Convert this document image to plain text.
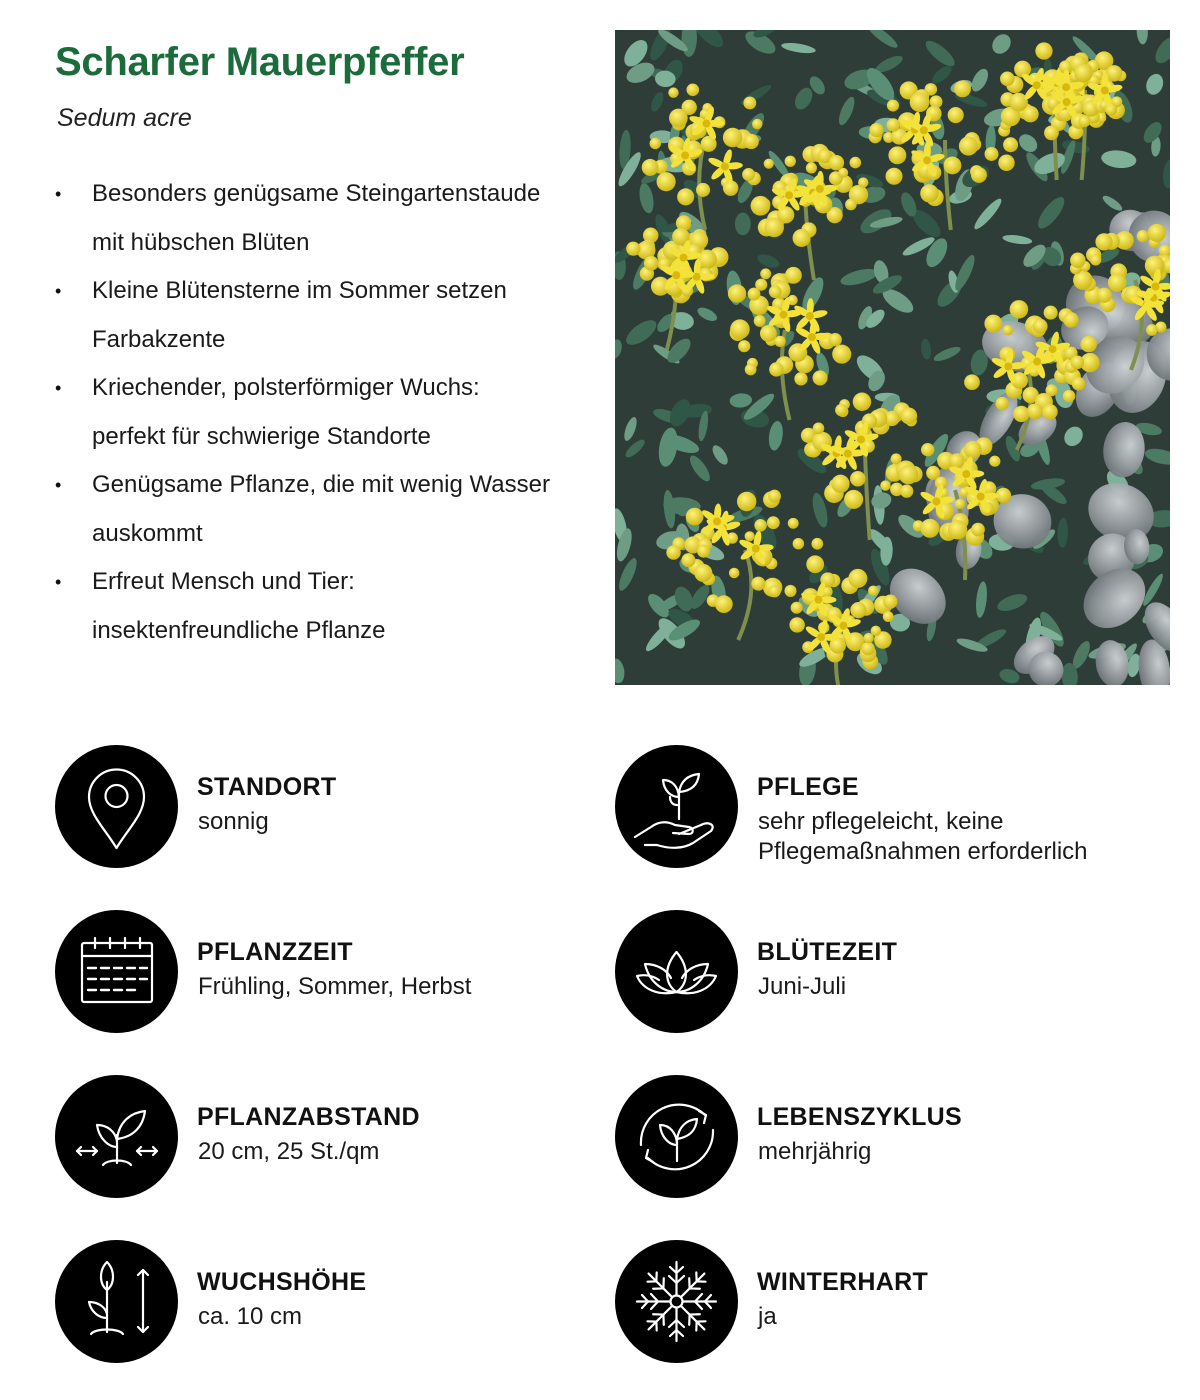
Scharfer Mauerpfeffer

Sedum acre

• Besonders genügsame Steingartenstaude
mit hübschen Blüten
• Kleine Blütensterne im Sommer setzen
Farbakzente
• Kriechender, polsterförmiger Wuchs:
perfekt für schwierige Standorte
• Genügsame Pflanze, die mit wenig Wasser
auskommt
• Erfreut Mensch und Tier:
insektenfreundliche Pflanze
STANDORT
sonnig
PFLEGE
sehr pflegeleicht, keine
Pflegemaßnahmen erforderlich
PFLANZZEIT
Frühling, Sommer, Herbst
BLÜTEZEIT
Juni-Juli
PFLANZABSTAND
20 cm, 25 St./qm
LEBENSZYKLUS
mehrjährig
WUCHSHÖHE
ca. 10 cm
WINTERHART
ja
